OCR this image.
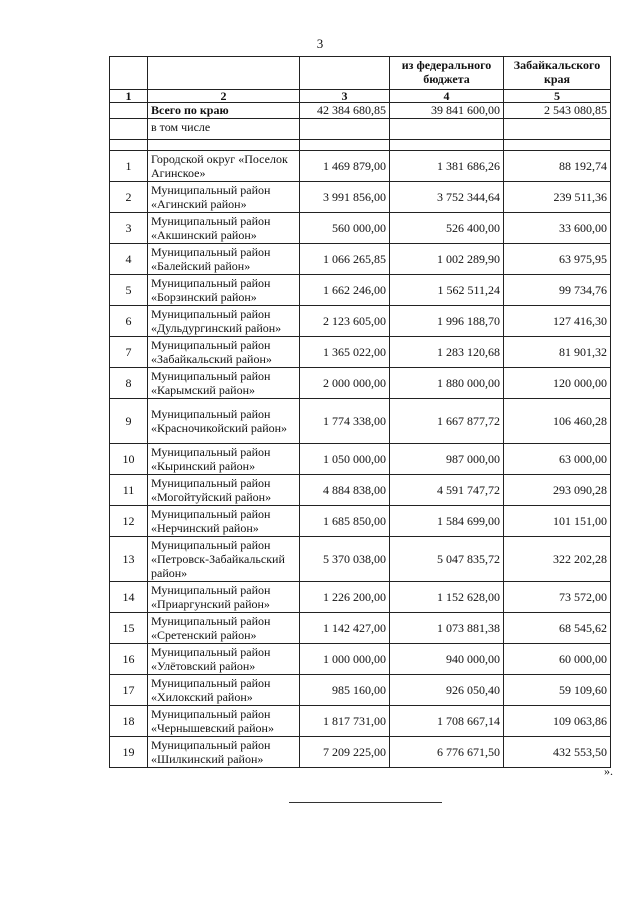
3
			из федерального бюджета	Забайкальского края
1	2	3	4	5
	Всего по краю	42 384 680,85	39 841 600,00	2 543 080,85
	в том числе			

1	Городской округ «Поселок Агинское»	1 469 879,00	1 381 686,26	88 192,74
2	Муниципальный район «Агинский район»	3 991 856,00	3 752 344,64	239 511,36
3	Муниципальный район «Акшинский район»	560 000,00	526 400,00	33 600,00
4	Муниципальный район «Балейский район»	1 066 265,85	1 002 289,90	63 975,95
5	Муниципальный район «Борзинский район»	1 662 246,00	1 562 511,24	99 734,76
6	Муниципальный район «Дульдургинский район»	2 123 605,00	1 996 188,70	127 416,30
7	Муниципальный район «Забайкальский район»	1 365 022,00	1 283 120,68	81 901,32
8	Муниципальный район «Карымский район»	2 000 000,00	1 880 000,00	120 000,00
9	Муниципальный район «Красночикойский район»	1 774 338,00	1 667 877,72	106 460,28
10	Муниципальный район «Кыринский район»	1 050 000,00	987 000,00	63 000,00
11	Муниципальный район «Могойтуйский район»	4 884 838,00	4 591 747,72	293 090,28
12	Муниципальный район «Нерчинский район»	1 685 850,00	1 584 699,00	101 151,00
13	Муниципальный район «Петровск-Забайкальский район»	5 370 038,00	5 047 835,72	322 202,28
14	Муниципальный район «Приаргунский район»	1 226 200,00	1 152 628,00	73 572,00
15	Муниципальный район «Сретенский район»	1 142 427,00	1 073 881,38	68 545,62
16	Муниципальный район «Улётовский район»	1 000 000,00	940 000,00	60 000,00
17	Муниципальный район «Хилокский район»	985 160,00	926 050,40	59 109,60
18	Муниципальный район «Чернышевский район»	1 817 731,00	1 708 667,14	109 063,86
19	Муниципальный район «Шилкинский район»	7 209 225,00	6 776 671,50	432 553,50
».
